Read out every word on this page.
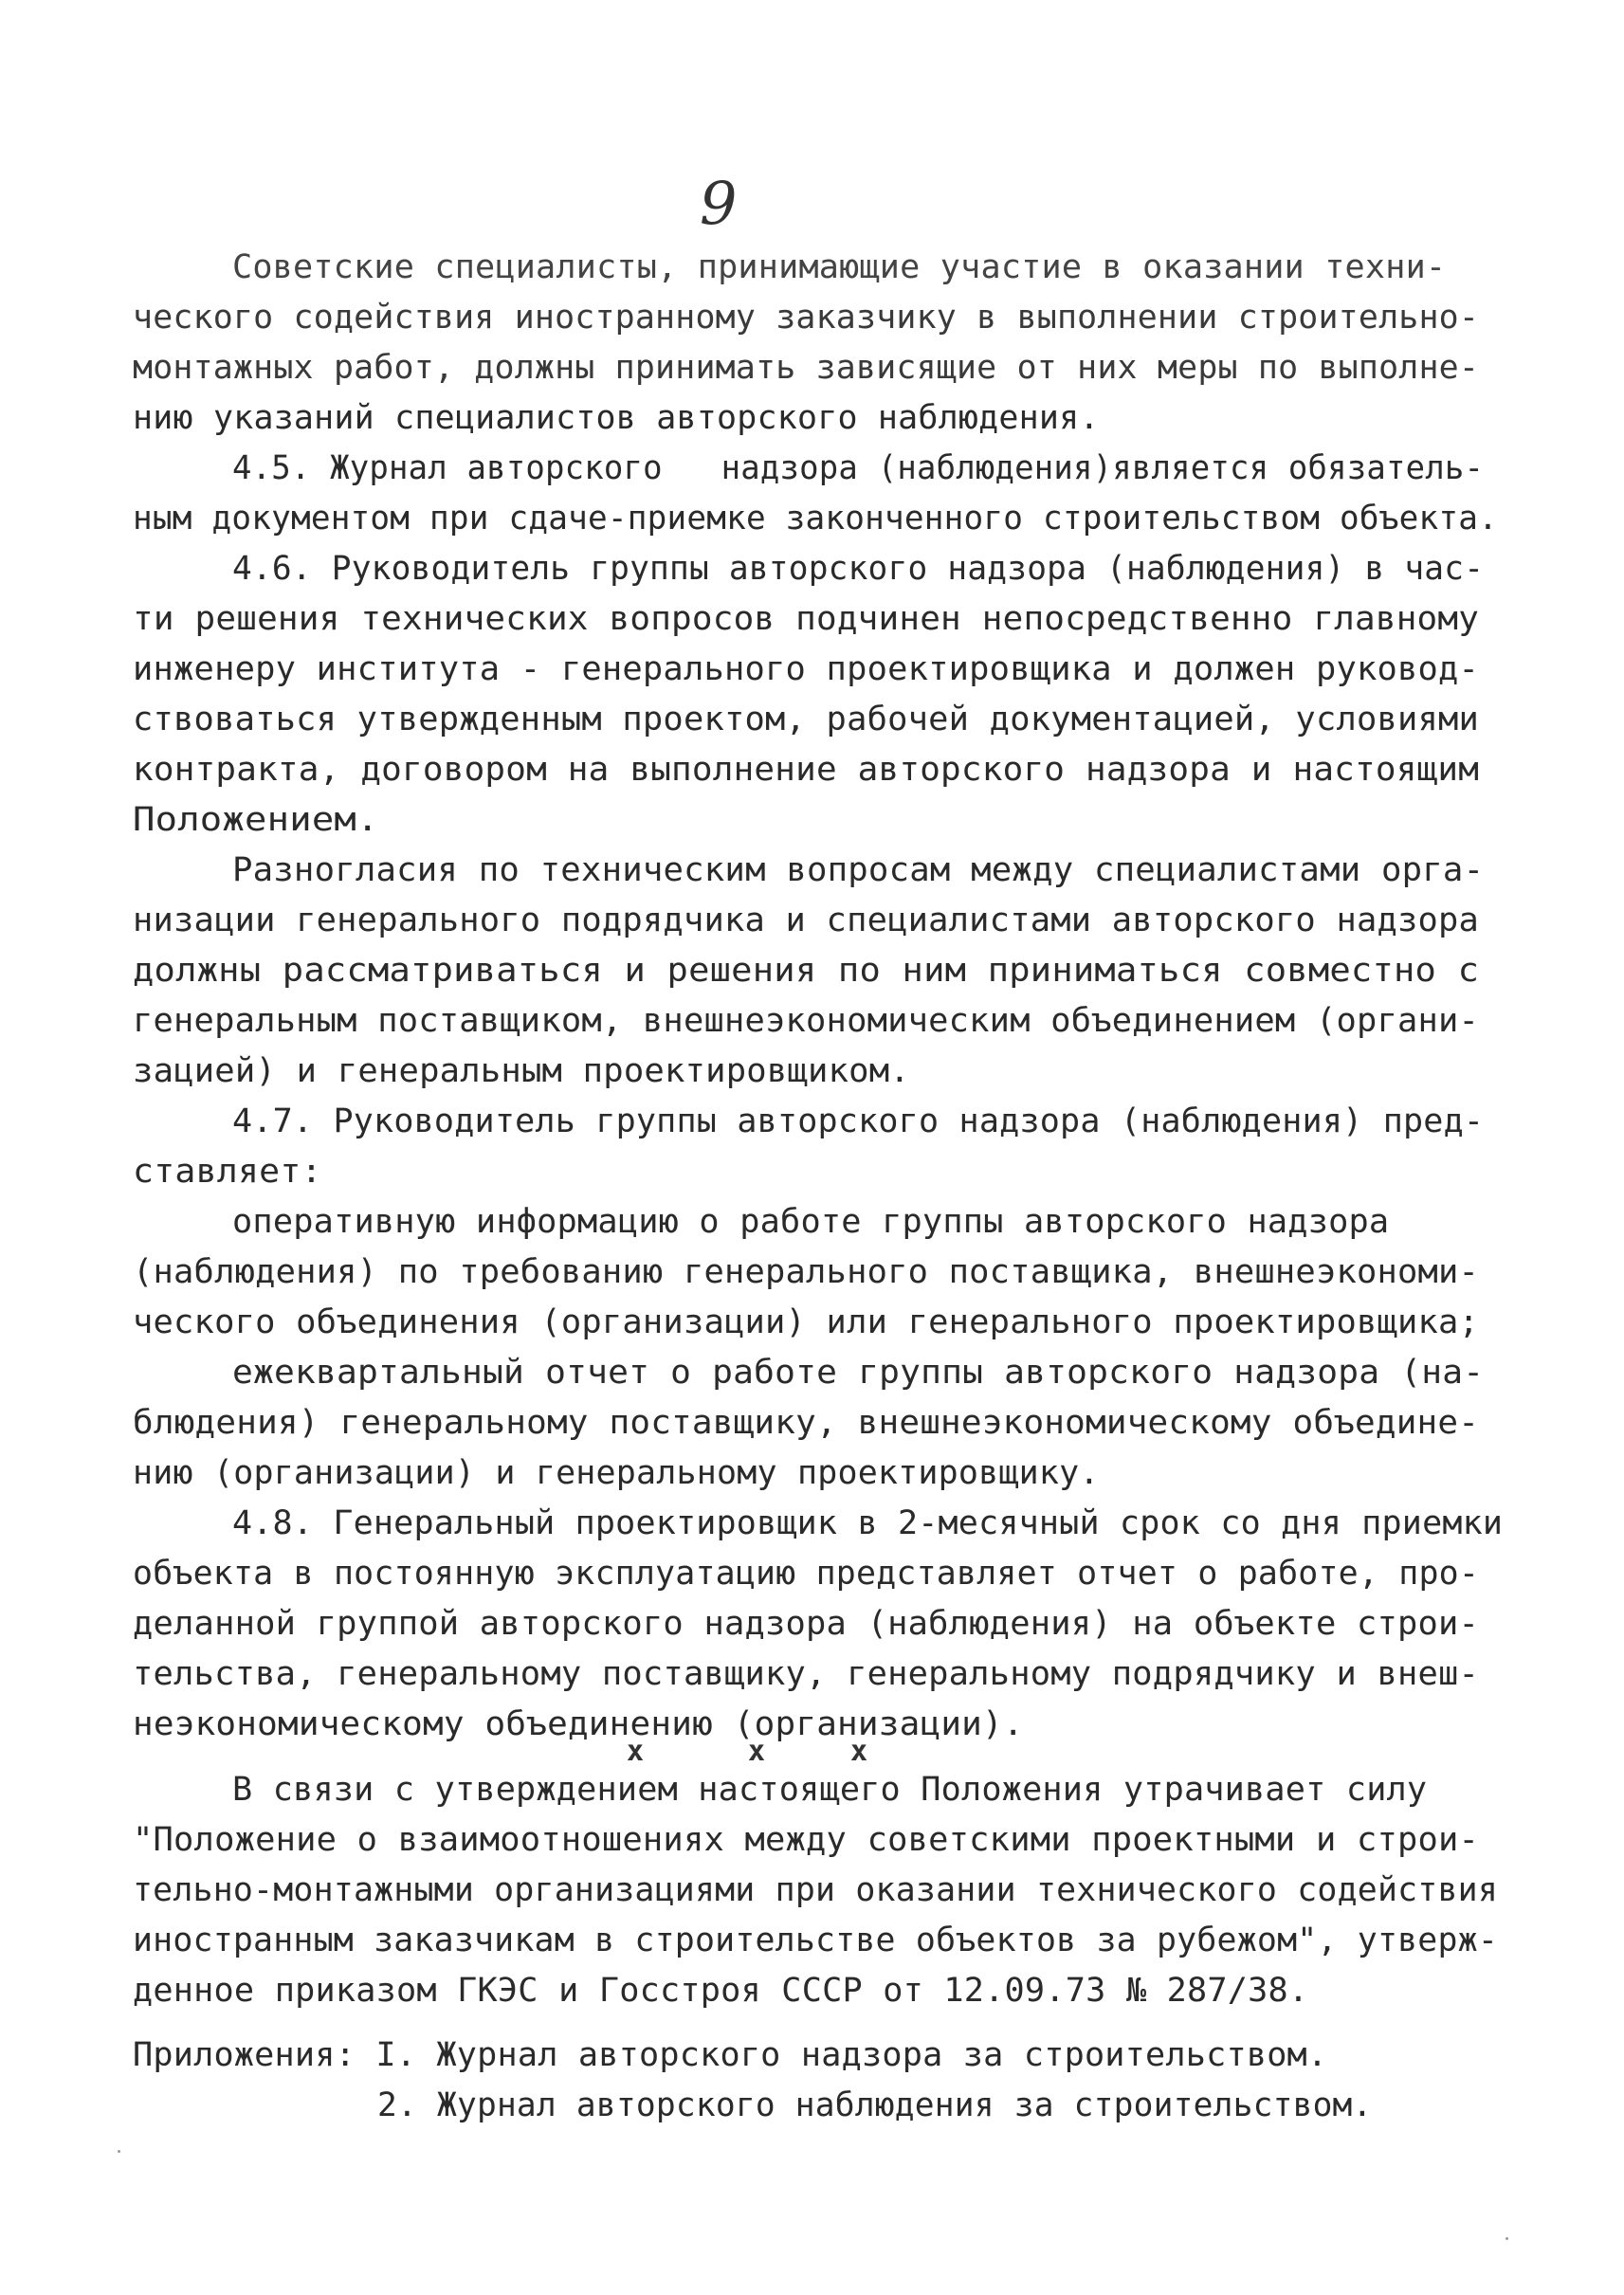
9
Советские специалисты, принимающие участие в оказании техни-
ческого содействия иностранному заказчику в выполнении строительно-
монтажных работ, должны принимать зависящие от них меры по выполне-
нию указаний специалистов авторского наблюдения.
4.5. Журнал авторского   надзора (наблюдения)является обязатель-
ным документом при сдаче-приемке законченного строительством объекта.
4.6. Руководитель группы авторского надзора (наблюдения) в час-
ти решения технических вопросов подчинен непосредственно главному
инженеру института - генерального проектировщика и должен руковод-
ствоваться утвержденным проектом, рабочей документацией, условиями
контракта, договором на выполнение авторского надзора и настоящим
Положением.
Разногласия по техническим вопросам между специалистами орга-
низации генерального подрядчика и специалистами авторского надзора
должны рассматриваться и решения по ним приниматься совместно с
генеральным поставщиком, внешнеэкономическим объединением (органи-
зацией) и генеральным проектировщиком.
4.7. Руководитель группы авторского надзора (наблюдения) пред-
ставляет:
оперативную информацию о работе группы авторского надзора
(наблюдения) по требованию генерального поставщика, внешнеэкономи-
ческого объединения (организации) или генерального проектировщика;
ежеквартальный отчет о работе группы авторского надзора (на-
блюдения) генеральному поставщику, внешнеэкономическому объедине-
нию (организации) и генеральному проектировщику.
4.8. Генеральный проектировщик в 2-месячный срок со дня приемки
объекта в постоянную эксплуатацию представляет отчет о работе, про-
деланной группой авторского надзора (наблюдения) на объекте строи-
тельства, генеральному поставщику, генеральному подрядчику и внеш-
неэкономическому объединению (организации).
x	x	x
В связи с утверждением настоящего Положения утрачивает силу
"Положение о взаимоотношениях между советскими проектными и строи-
тельно-монтажными организациями при оказании технического содействия
иностранным заказчикам в строительстве объектов за рубежом", утверж-
денное приказом ГКЭС и Госстроя СССР от 12.09.73 № 287/38.
Приложения: I. Журнал авторского надзора за строительством.
2. Журнал авторского наблюдения за строительством.
